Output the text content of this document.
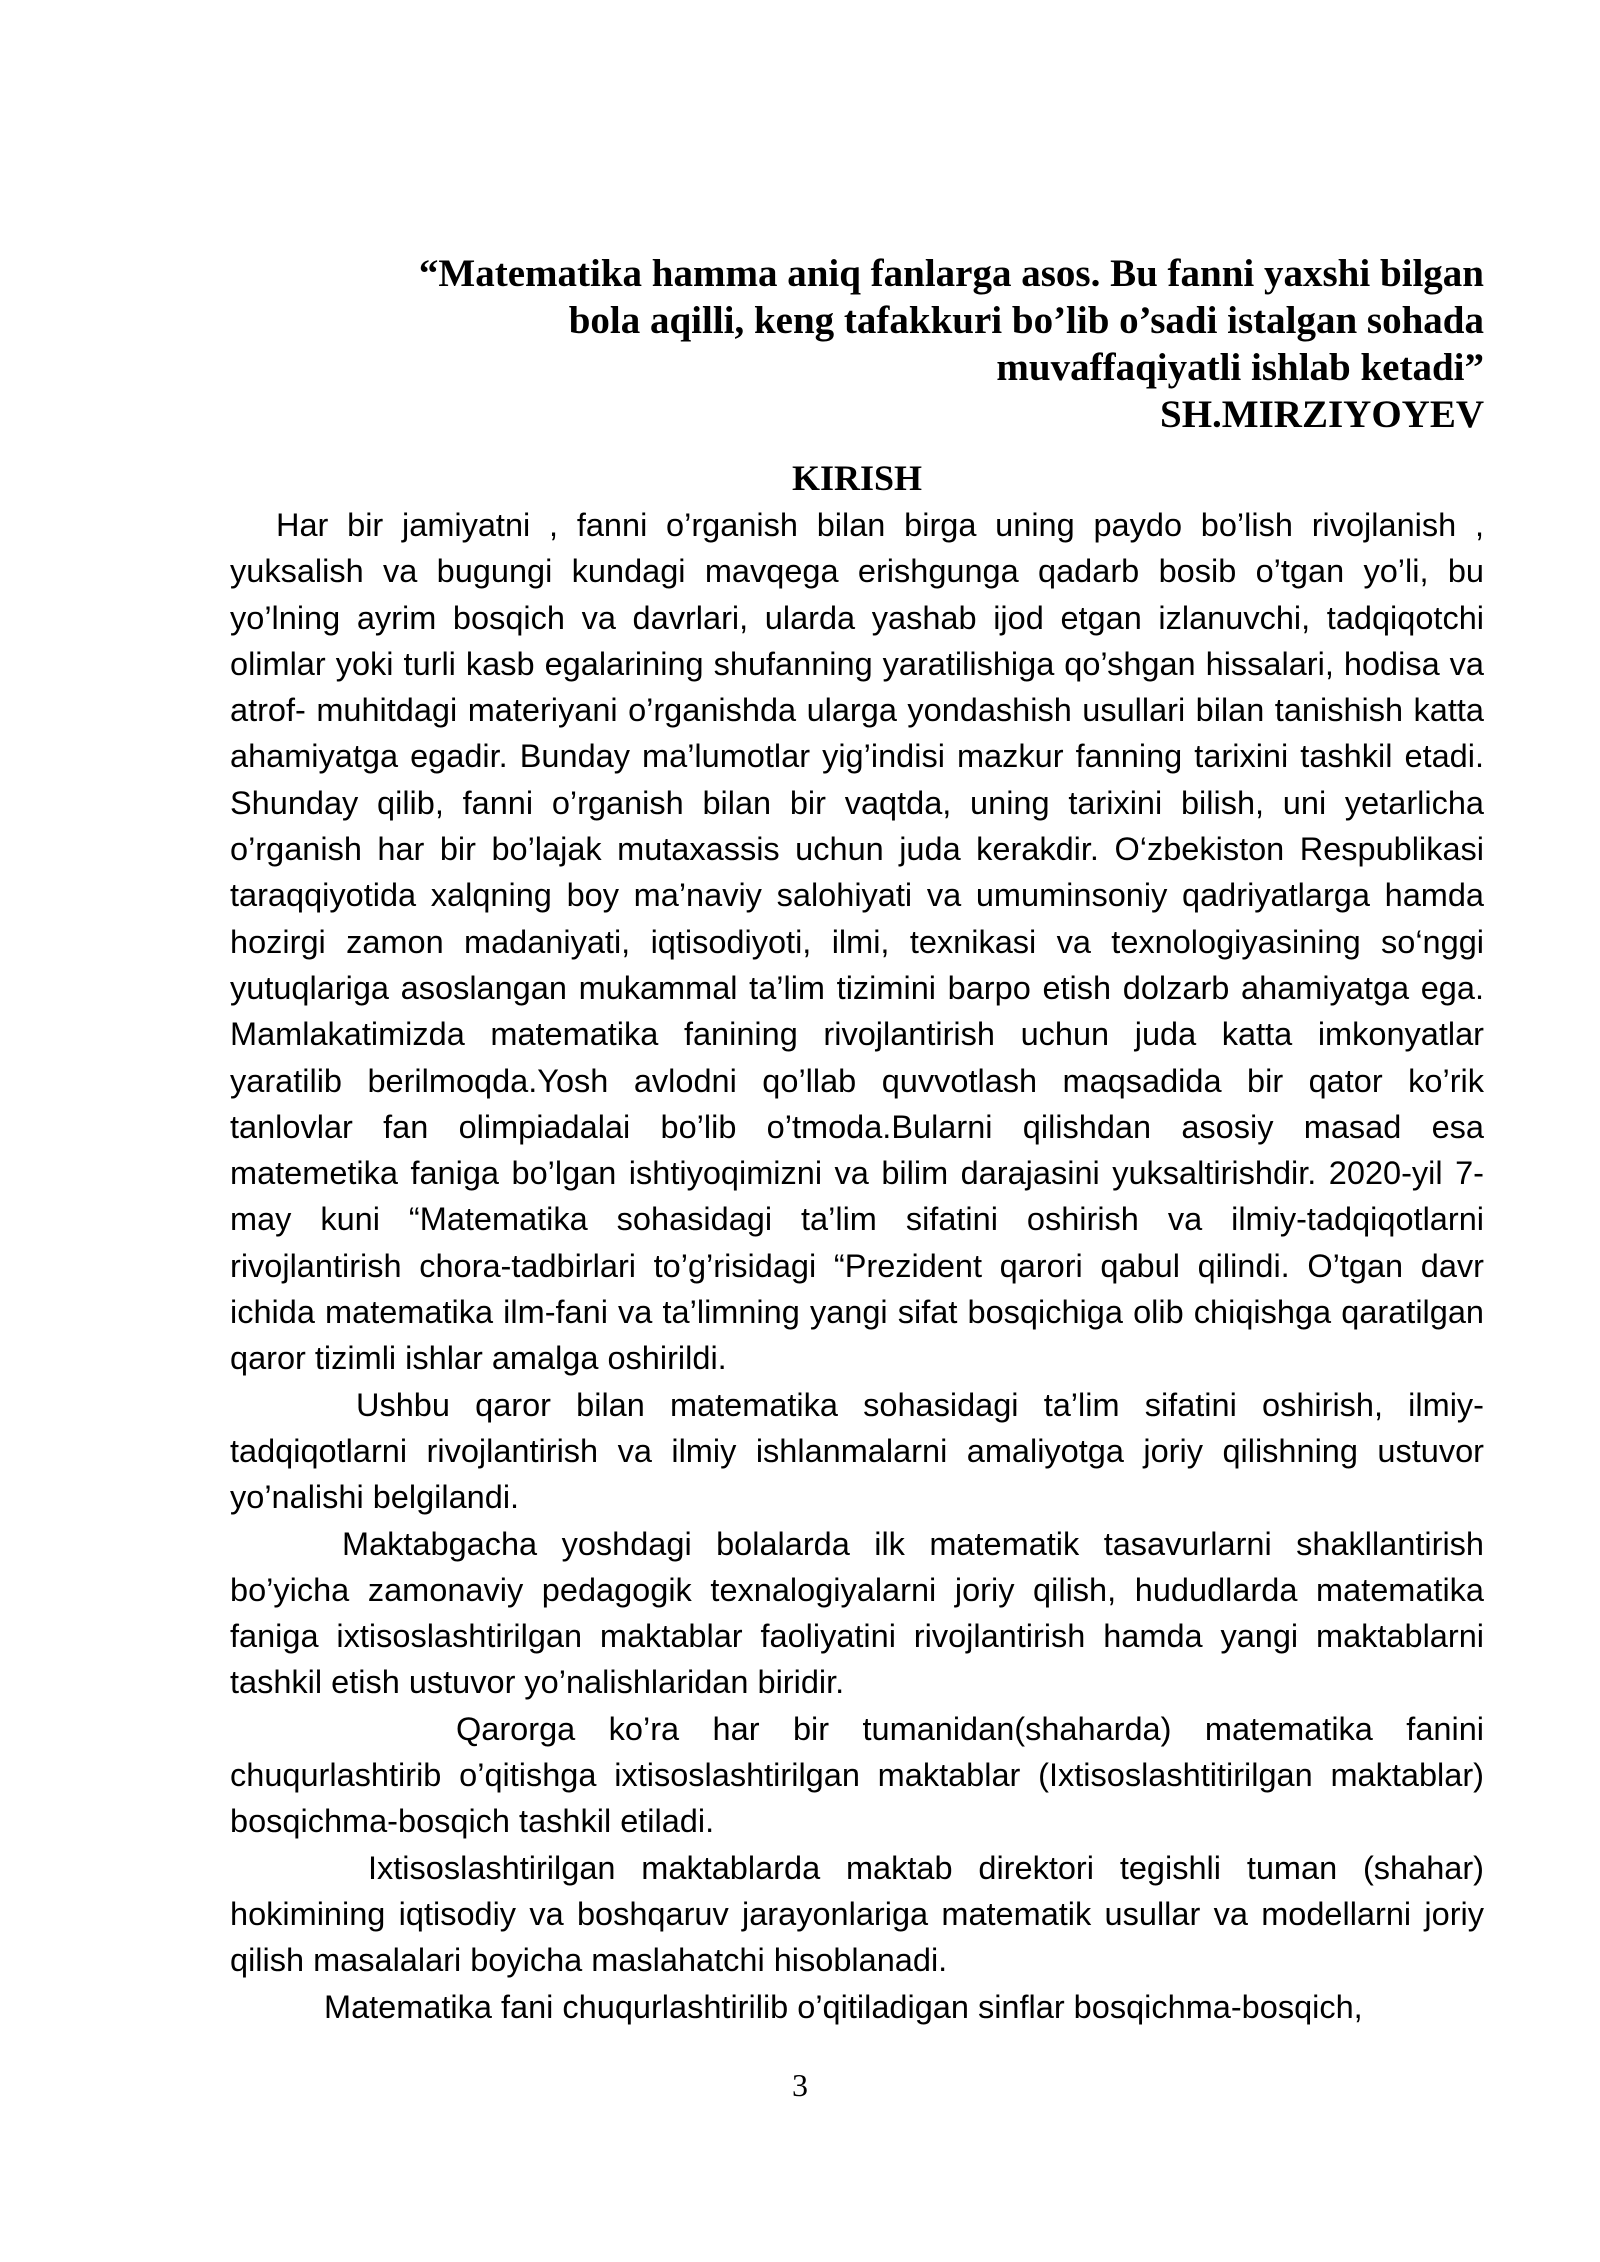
“Matematika hamma aniq fanlarga asos. Bu fanni yaxshi bilgan
bola aqilli, keng tafakkuri bo’lib o’sadi istalgan sohada
muvaffaqiyatli ishlab ketadi”
SH.MIRZIYOYEV
KIRISH

Har bir jamiyatni , fanni o’rganish bilan birga uning paydo bo’lish rivojlanish , yuksalish va bugungi kundagi mavqega erishgunga qadarb bosib o’tgan yo’li, bu yo’lning ayrim bosqich va davrlari, ularda yashab ijod etgan izlanuvchi, tadqiqotchi olimlar yoki turli kasb egalarining shufanning yaratilishiga qo’shgan hissalari, hodisa va atrof- muhitdagi materiyani o’rganishda ularga yondashish usullari bilan tanishish katta ahamiyatga egadir. Bunday ma’lumotlar yig’indisi mazkur fanning tarixini tashkil etadi. Shunday qilib, fanni o’rganish bilan bir vaqtda, uning tarixini bilish, uni yetarlicha o’rganish har bir bo’lajak mutaxassis uchun juda kerakdir. O‘zbekiston Respublikasi taraqqiyotida xalqning boy ma’naviy salohiyati va umuminsoniy qadriyatlarga hamda hozirgi zamon madaniyati, iqtisodiyoti, ilmi, texnikasi va texnologiyasining so‘nggi yutuqlariga asoslangan mukammal ta’lim tizimini barpo etish dolzarb ahamiyatga ega. Mamlakatimizda matematika fanining rivojlantirish uchun juda katta imkonyatlar yaratilib berilmoqda.Yosh avlodni qo’llab quvvotlash maqsadida bir qator ko’rik tanlovlar fan olimpiadalai bo’lib o’tmoda.Bularni qilishdan asosiy masad esa matemetika faniga bo’lgan ishtiyoqimizni va bilim darajasini yuksaltirishdir. 2020-yil 7-may kuni “Matematika sohasidagi ta’lim sifatini oshirish va ilmiy-tadqiqotlarni rivojlantirish chora-tadbirlari to’g’risidagi “Prezident qarori qabul qilindi. O’tgan davr ichida matematika ilm-fani va ta’limning yangi sifat bosqichiga olib chiqishga qaratilgan qaror tizimli ishlar amalga oshirildi.

Ushbu qaror bilan matematika sohasidagi ta’lim sifatini oshirish, ilmiy-tadqiqotlarni rivojlantirish va ilmiy ishlanmalarni amaliyotga joriy qilishning ustuvor yo’nalishi belgilandi.

Maktabgacha yoshdagi bolalarda ilk matematik tasavurlarni shakllantirish bo’yicha zamonaviy pedagogik texnalogiyalarni joriy qilish, hududlarda matematika faniga ixtisoslashtirilgan maktablar faoliyatini rivojlantirish hamda yangi maktablarni tashkil etish ustuvor yo’nalishlaridan biridir.

Qarorga ko’ra har bir tumanidan(shaharda) matematika fanini chuqurlashtirib o’qitishga ixtisoslashtirilgan maktablar (Ixtisoslashtitirilgan maktablar) bosqichma-bosqich tashkil etiladi.

Ixtisoslashtirilgan maktablarda maktab direktori tegishli tuman (shahar) hokimining iqtisodiy va boshqaruv jarayonlariga matematik usullar va modellarni joriy qilish masalalari boyicha maslahatchi hisoblanadi.

Matematika fani chuqurlashtirilib o’qitiladigan sinflar bosqichma-bosqich,

3
